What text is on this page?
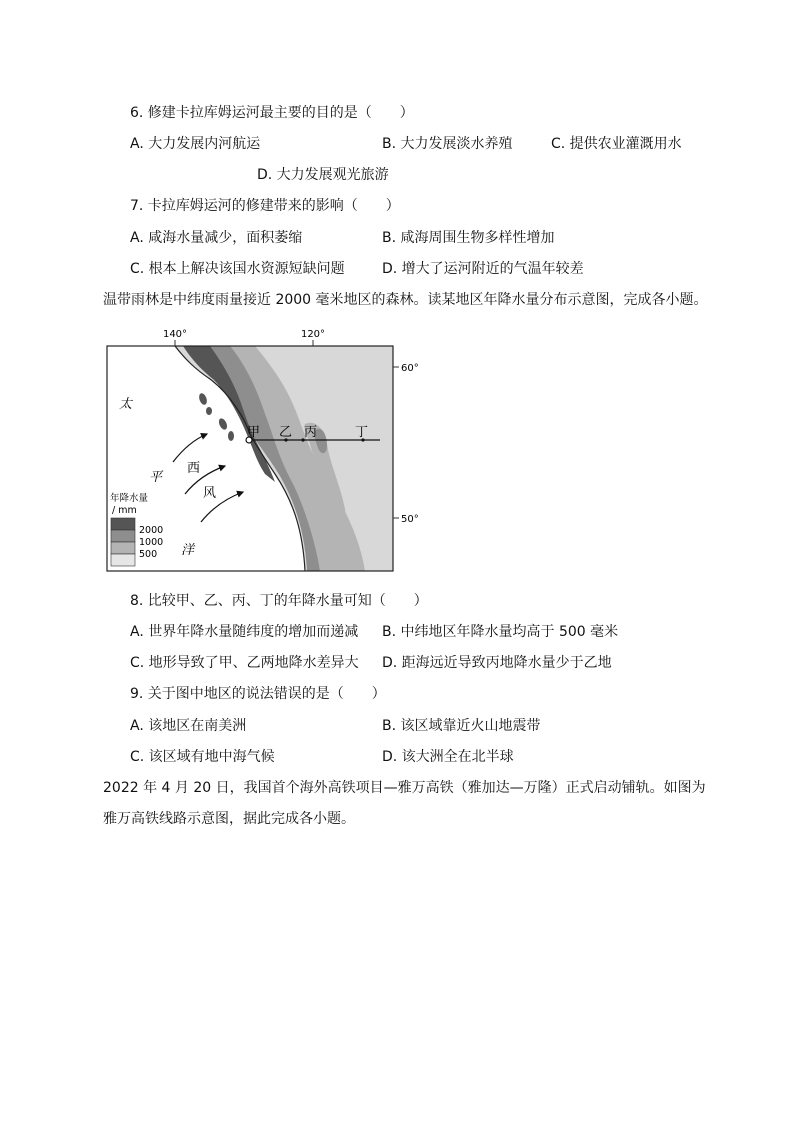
6. 修建卡拉库姆运河最主要的目的是（　　）
A. 大力发展内河航运	B. 大力发展淡水养殖	C. 提供农业灌溉用水
D. 大力发展观光旅游
7. 卡拉库姆运河的修建带来的影响（　　）
A. 咸海水量减少，面积萎缩	B. 咸海周围生物多样性增加
C. 根本上解决该国水资源短缺问题	D. 增大了运河附近的气温年较差
温带雨林是中纬度雨量接近 2000 毫米地区的森林。读某地区年降水量分布示意图，完成各小题。
140°	120°
甲 乙 丙	丁
太
平
洋
西
风
年降水量
/ mm
2000
1000
500
60°
50°
8. 比较甲、乙、丙、丁的年降水量可知（　　）
A. 世界年降水量随纬度的增加而递减 B. 中纬地区年降水量均高于 500 毫米
C. 地形导致了甲、乙两地降水差异大 D. 距海远近导致丙地降水量少于乙地
9. 关于图中地区的说法错误的是（　　）
A. 该地区在南美洲	B. 该区域靠近火山地震带
C. 该区域有地中海气候	D. 该大洲全在北半球
2022 年 4 月 20 日，我国首个海外高铁项目—雅万高铁（雅加达—万隆）正式启动铺轨。如图为
雅万高铁线路示意图，据此完成各小题。
